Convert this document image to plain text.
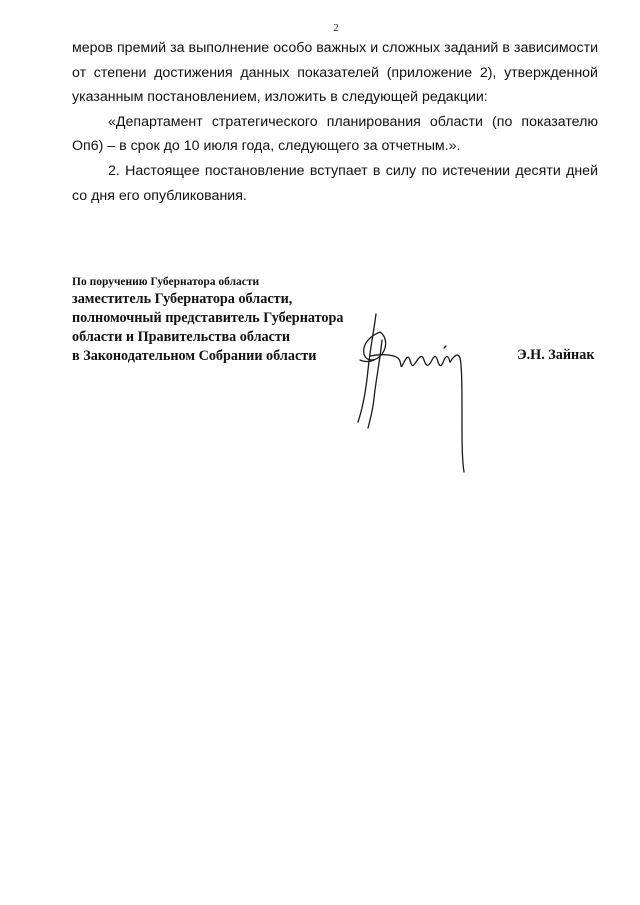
2

меров премий за выполнение особо важных и сложных заданий в зависимости от степени достижения данных показателей (приложение 2), утвержденной указанным постановлением, изложить в следующей редакции:

«Департамент стратегического планирования области (по показателю Оп6) – в срок до 10 июля года, следующего за отчетным.».

2. Настоящее постановление вступает в силу по истечении десяти дней со дня его опубликования.

По поручению Губернатора области
заместитель Губернатора области,
полномочный представитель Губернатора
области и Правительства области
в Законодательном Собрании области	Э.Н. Зайнак
